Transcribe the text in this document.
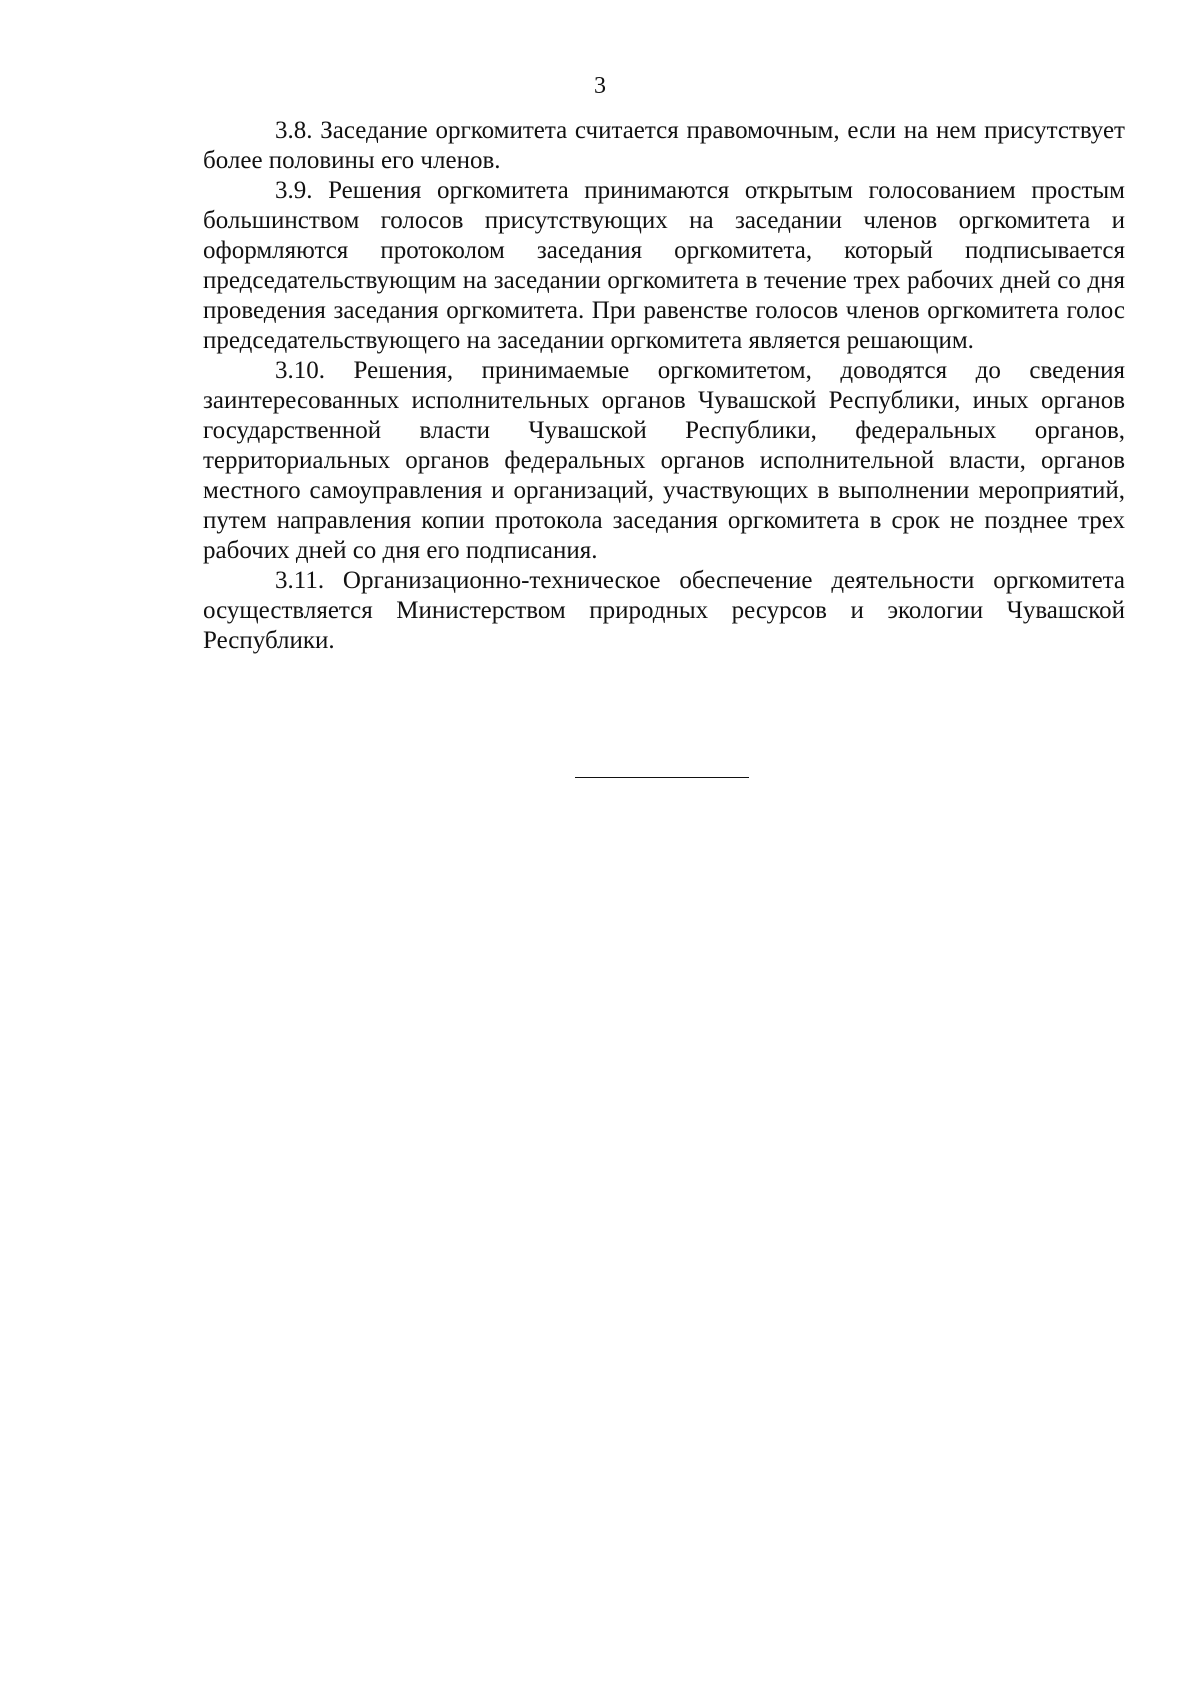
3

3.8. Заседание оргкомитета считается правомочным, если на нем присутствует более половины его членов.

3.9. Решения оргкомитета принимаются открытым голосованием простым большинством голосов присутствующих на заседании членов оргкомитета и оформляются протоколом заседания оргкомитета, который подписывается председательствующим на заседании оргкомитета в течение трех рабочих дней со дня проведения заседания оргкомитета. При равенстве голосов членов оргкомитета голос председательствующего на заседании оргкомитета является решающим.

3.10. Решения, принимаемые оргкомитетом, доводятся до сведения заинтересованных исполнительных органов Чувашской Республики, иных органов государственной власти Чувашской Республики, федеральных органов, территориальных органов федеральных органов исполнительной власти, органов местного самоуправления и организаций, участвующих в выполнении мероприятий, путем направления копии протокола заседания оргкомитета в срок не позднее трех рабочих дней со дня его подписания.

3.11. Организационно-техническое обеспечение деятельности оргкомитета осуществляется Министерством природных ресурсов и экологии Чувашской Республики.
